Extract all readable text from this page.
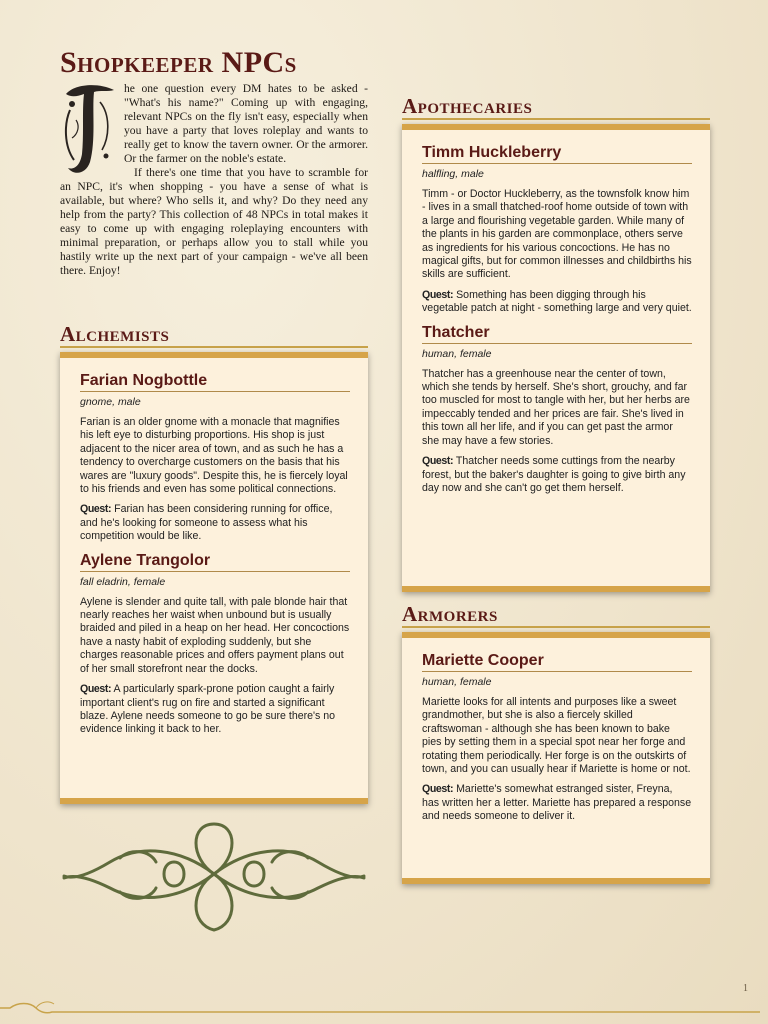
Shopkeeper NPCs

he one question every DM hates to be asked - "What's his name?" Coming up with engaging, relevant NPCs on the fly isn't easy, especially when you have a party that loves roleplay and wants to really get to know the tavern owner. Or the armorer. Or the farmer on the noble's estate.

If there's one time that you have to scramble for an NPC, it's when shopping - you have a sense of what is available, but where? Who sells it, and why? Do they need any help from the party? This collection of 48 NPCs in total makes it easy to come up with engaging roleplaying encounters with minimal preparation, or perhaps allow you to stall while you hastily write up the next part of your campaign - we've all been there. Enjoy!

Alchemists
Farian Nogbottle
gnome, male

Farian is an older gnome with a monacle that magnifies his left eye to disturbing proportions. His shop is just adjacent to the nicer area of town, and as such he has a tendency to overcharge customers on the basis that his wares are "luxury goods". Despite this, he is fiercely loyal to his friends and even has some political connections.

Quest: Farian has been considering running for office, and he's looking for someone to assess what his competition would be like.

Aylene Trangolor
fall eladrin, female

Aylene is slender and quite tall, with pale blonde hair that nearly reaches her waist when unbound but is usually braided and piled in a heap on her head. Her concoctions have a nasty habit of exploding suddenly, but she charges reasonable prices and offers payment plans out of her small storefront near the docks.

Quest: A particularly spark-prone potion caught a fairly important client's rug on fire and started a significant blaze. Aylene needs someone to go be sure there's no evidence linking it back to her.

Apothecaries
Timm Huckleberry
halfling, male

Timm - or Doctor Huckleberry, as the townsfolk know him - lives in a small thatched-roof home outside of town with a large and flourishing vegetable garden. While many of the plants in his garden are commonplace, others serve as ingredients for his various concoctions. He has no magical gifts, but for common illnesses and childbirths his skills are sufficient.

Quest: Something has been digging through his vegetable patch at night - something large and very quiet.

Thatcher
human, female

Thatcher has a greenhouse near the center of town, which she tends by herself. She's short, grouchy, and far too muscled for most to tangle with her, but her herbs are impeccably tended and her prices are fair. She's lived in this town all her life, and if you can get past the armor she may have a few stories.

Quest: Thatcher needs some cuttings from the nearby forest, but the baker's daughter is going to give birth any day now and she can't go get them herself.

Armorers
Mariette Cooper
human, female

Mariette looks for all intents and purposes like a sweet grandmother, but she is also a fiercely skilled craftswoman - although she has been known to bake pies by setting them in a special spot near her forge and rotating them periodically. Her forge is on the outskirts of town, and you can usually hear if Mariette is home or not.

Quest: Mariette's somewhat estranged sister, Freyna, has written her a letter. Mariette has prepared a response and needs someone to deliver it.

1
